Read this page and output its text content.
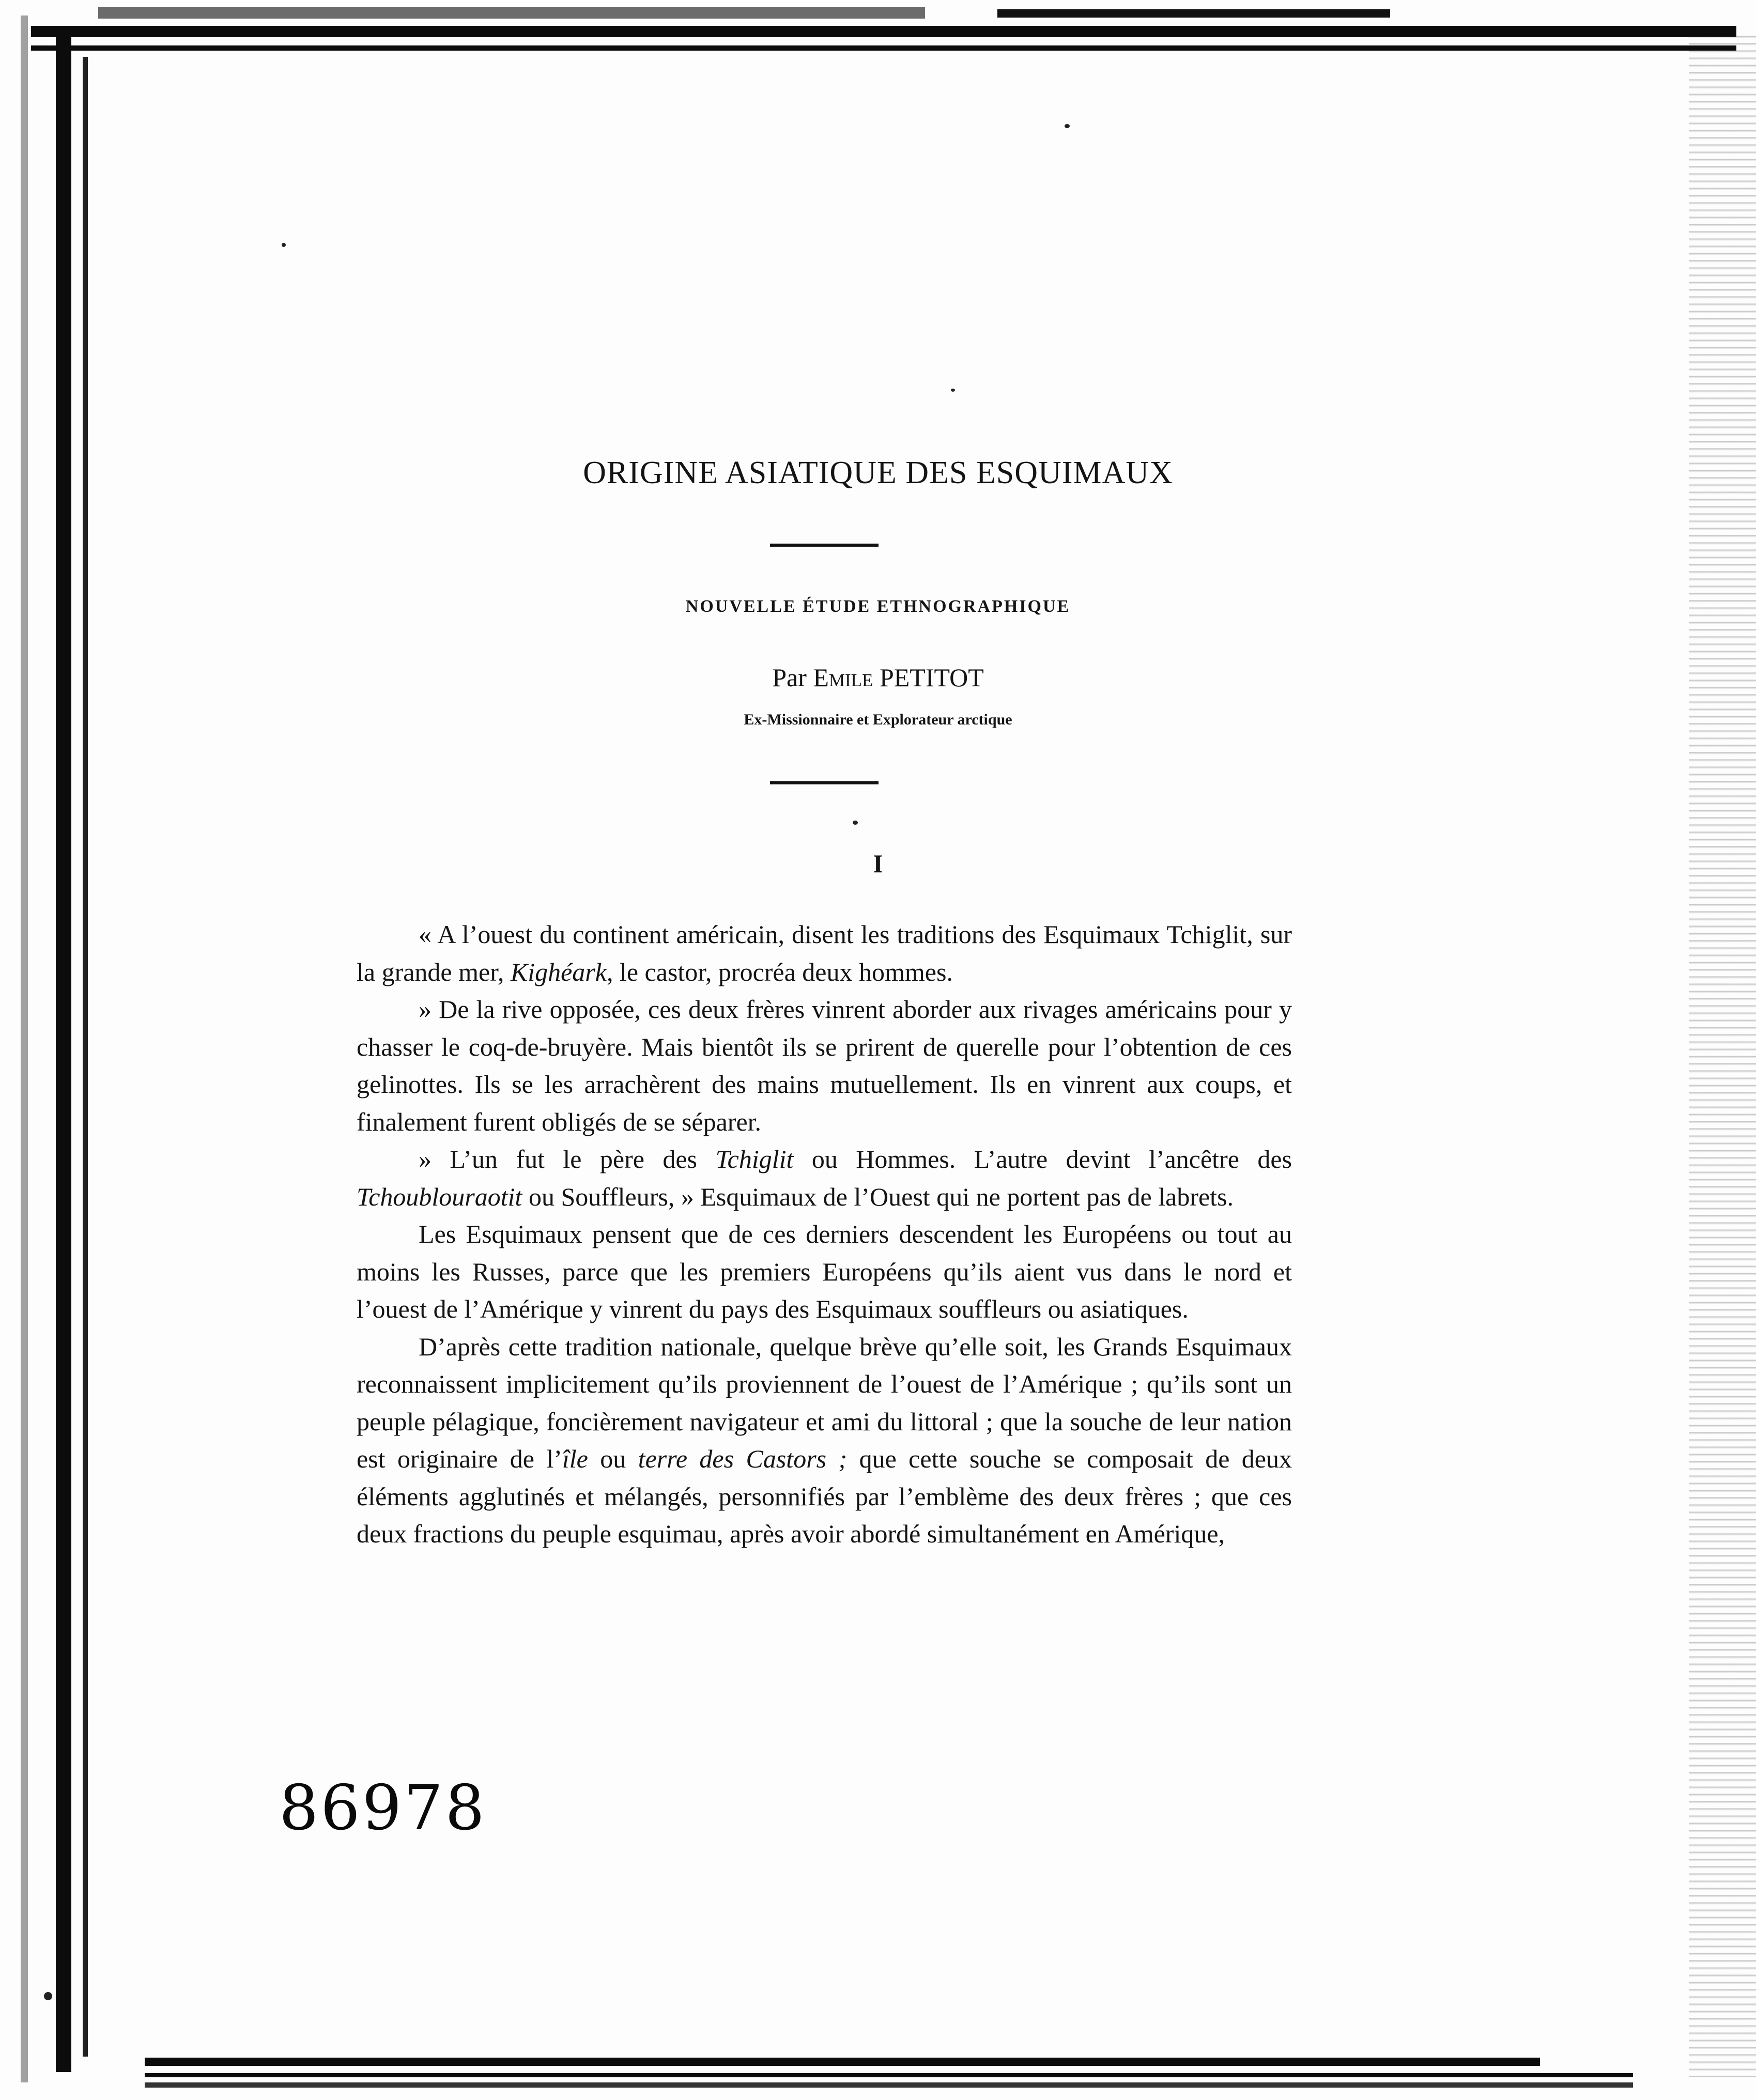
ORIGINE ASIATIQUE DES ESQUIMAUX
NOUVELLE ÉTUDE ETHNOGRAPHIQUE
Par Emile PETITOT
Ex-Missionnaire et Explorateur arctique
I

« A l’ouest du continent américain, disent les traditions des Esquimaux Tchiglit, sur la grande mer, Kighéark, le castor, procréa deux hommes.

» De la rive opposée, ces deux frères vinrent aborder aux rivages américains pour y chasser le coq-de-bruyère. Mais bientôt ils se prirent de querelle pour l’obtention de ces gelinottes. Ils se les arrachèrent des mains mutuellement. Ils en vinrent aux coups, et finalement furent obligés de se séparer.

» L’un fut le père des Tchiglit ou Hommes. L’autre devint l’ancêtre des Tchoublouraotit ou Souffleurs, » Esquimaux de l’Ouest qui ne portent pas de labrets.

Les Esquimaux pensent que de ces derniers descendent les Européens ou tout au moins les Russes, parce que les premiers Européens qu’ils aient vus dans le nord et l’ouest de l’Amérique y vinrent du pays des Esquimaux souffleurs ou asiatiques.

D’après cette tradition nationale, quelque brève qu’elle soit, les Grands Esquimaux reconnaissent implicitement qu’ils proviennent de l’ouest de l’Amérique ; qu’ils sont un peuple pélagique, foncièrement navigateur et ami du littoral ; que la souche de leur nation est originaire de l’île ou terre des Castors ; que cette souche se composait de deux éléments agglutinés et mélangés, personnifiés par l’emblème des deux frères ; que ces deux fractions du peuple esquimau, après avoir abordé simultanément en Amérique,

86978
